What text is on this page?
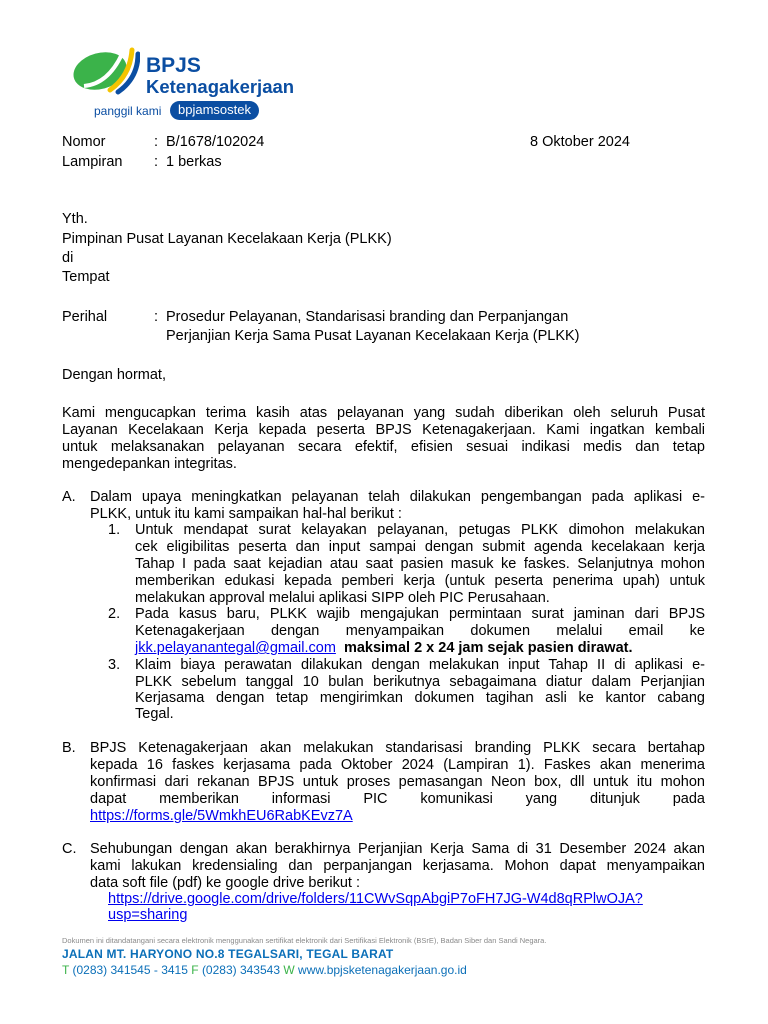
BPJS
Ketenagakerjaan
panggil kami	bpjamsostek
Nomor	: B/1678/102024	8 Oktober 2024
Lampiran : 1 berkas
Yth.
Pimpinan Pusat Layanan Kecelakaan Kerja (PLKK)
di
Tempat
Perihal	: Prosedur Pelayanan, Standarisasi branding dan Perpanjangan
Perjanjian Kerja Sama Pusat Layanan Kecelakaan Kerja (PLKK)
Dengan hormat,
Kami mengucapkan terima kasih atas pelayanan yang sudah diberikan oleh seluruh Pusat
Layanan Kecelakaan Kerja kepada peserta BPJS Ketenagakerjaan. Kami ingatkan kembali
untuk melaksanakan pelayanan secara efektif, efisien sesuai indikasi medis dan tetap
mengedepankan integritas.
A. Dalam upaya meningkatkan pelayanan telah dilakukan pengembangan pada aplikasi e-
PLKK, untuk itu kami sampaikan hal-hal berikut :
1. Untuk mendapat surat kelayakan pelayanan, petugas PLKK dimohon melakukan
cek eligibilitas peserta dan input sampai dengan submit agenda kecelakaan kerja
Tahap I pada saat kejadian atau saat pasien masuk ke faskes. Selanjutnya mohon
memberikan edukasi kepada pemberi kerja (untuk peserta penerima upah) untuk
melakukan approval melalui aplikasi SIPP oleh PIC Perusahaan.
2. Pada kasus baru, PLKK wajib mengajukan permintaan surat jaminan dari BPJS
Ketenagakerjaan dengan menyampaikan dokumen melalui email ke
jkk.pelayanantegal@gmail.com maksimal 2 x 24 jam sejak pasien dirawat.
3. Klaim biaya perawatan dilakukan dengan melakukan input Tahap II di aplikasi e-
PLKK sebelum tanggal 10 bulan berikutnya sebagaimana diatur dalam Perjanjian
Kerjasama dengan tetap mengirimkan dokumen tagihan asli ke kantor cabang
Tegal.
B. BPJS Ketenagakerjaan akan melakukan standarisasi branding PLKK secara bertahap
kepada 16 faskes kerjasama pada Oktober 2024 (Lampiran 1). Faskes akan menerima
konfirmasi dari rekanan BPJS untuk proses pemasangan Neon box, dll untuk itu mohon
dapat memberikan informasi PIC komunikasi yang ditunjuk pada
https://forms.gle/5WmkhEU6RabKEvz7A
C. Sehubungan dengan akan berakhirnya Perjanjian Kerja Sama di 31 Desember 2024 akan
kami lakukan kredensialing dan perpanjangan kerjasama. Mohon dapat menyampaikan
data soft file (pdf) ke google drive berikut :
https://drive.google.com/drive/folders/11CWvSqpAbgiP7oFH7JG-W4d8qRPlwOJA?
usp=sharing
Dokumen ini ditandatangani secara elektronik menggunakan sertifikat elektronik dari Sertifikasi Elektronik (BSrE), Badan Siber dan Sandi Negara.
JALAN MT. HARYONO NO.8 TEGALSARI, TEGAL BARAT
T (0283) 341545 - 3415 F (0283) 343543 W www.bpjsketenagakerjaan.go.id
